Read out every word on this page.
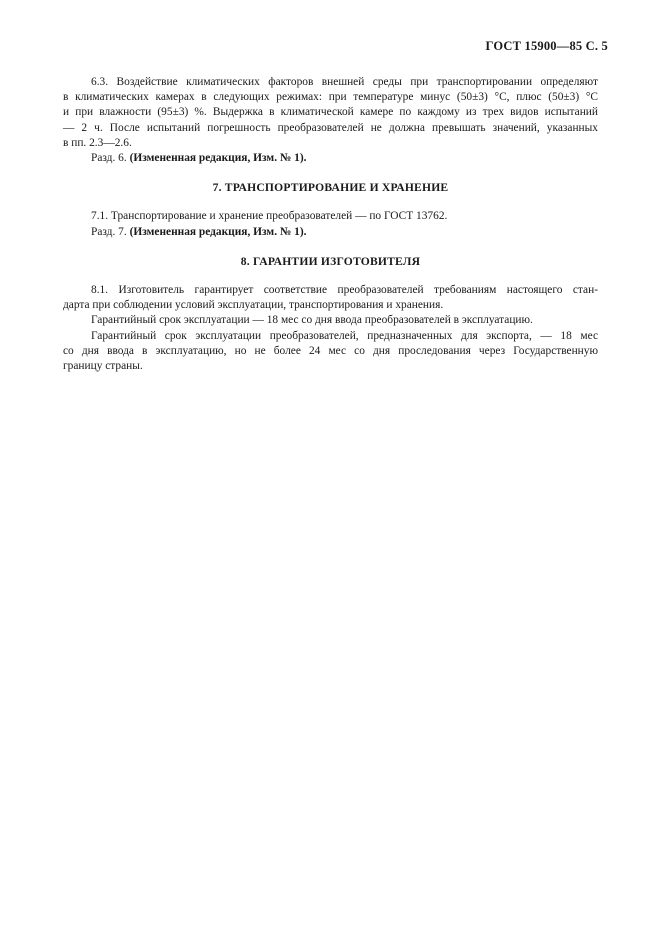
ГОСТ 15900—85 С. 5
6.3. Воздействие климатических факторов внешней среды при транспортировании определяют
в климатических камерах в следующих режимах: при температуре минус (50±3) °С, плюс (50±3) °С
и при влажности (95±3) %. Выдержка в климатической камере по каждому из трех видов испытаний
— 2 ч. После испытаний погрешность преобразователей не должна превышать значений, указанных
в пп. 2.3—2.6.

Разд. 6. (Измененная редакция, Изм. № 1).

7. ТРАНСПОРТИРОВАНИЕ И ХРАНЕНИЕ

7.1. Транспортирование и хранение преобразователей — по ГОСТ 13762.

Разд. 7. (Измененная редакция, Изм. № 1).

8. ГАРАНТИИ ИЗГОТОВИТЕЛЯ

8.1. Изготовитель гарантирует соответствие преобразователей требованиям настоящего стан-
дарта при соблюдении условий эксплуатации, транспортирования и хранения.

Гарантийный срок эксплуатации — 18 мес со дня ввода преобразователей в эксплуатацию.

Гарантийный срок эксплуатации преобразователей, предназначенных для экспорта, — 18 мес
со дня ввода в эксплуатацию, но не более 24 мес со дня проследования через Государственную
границу страны.
